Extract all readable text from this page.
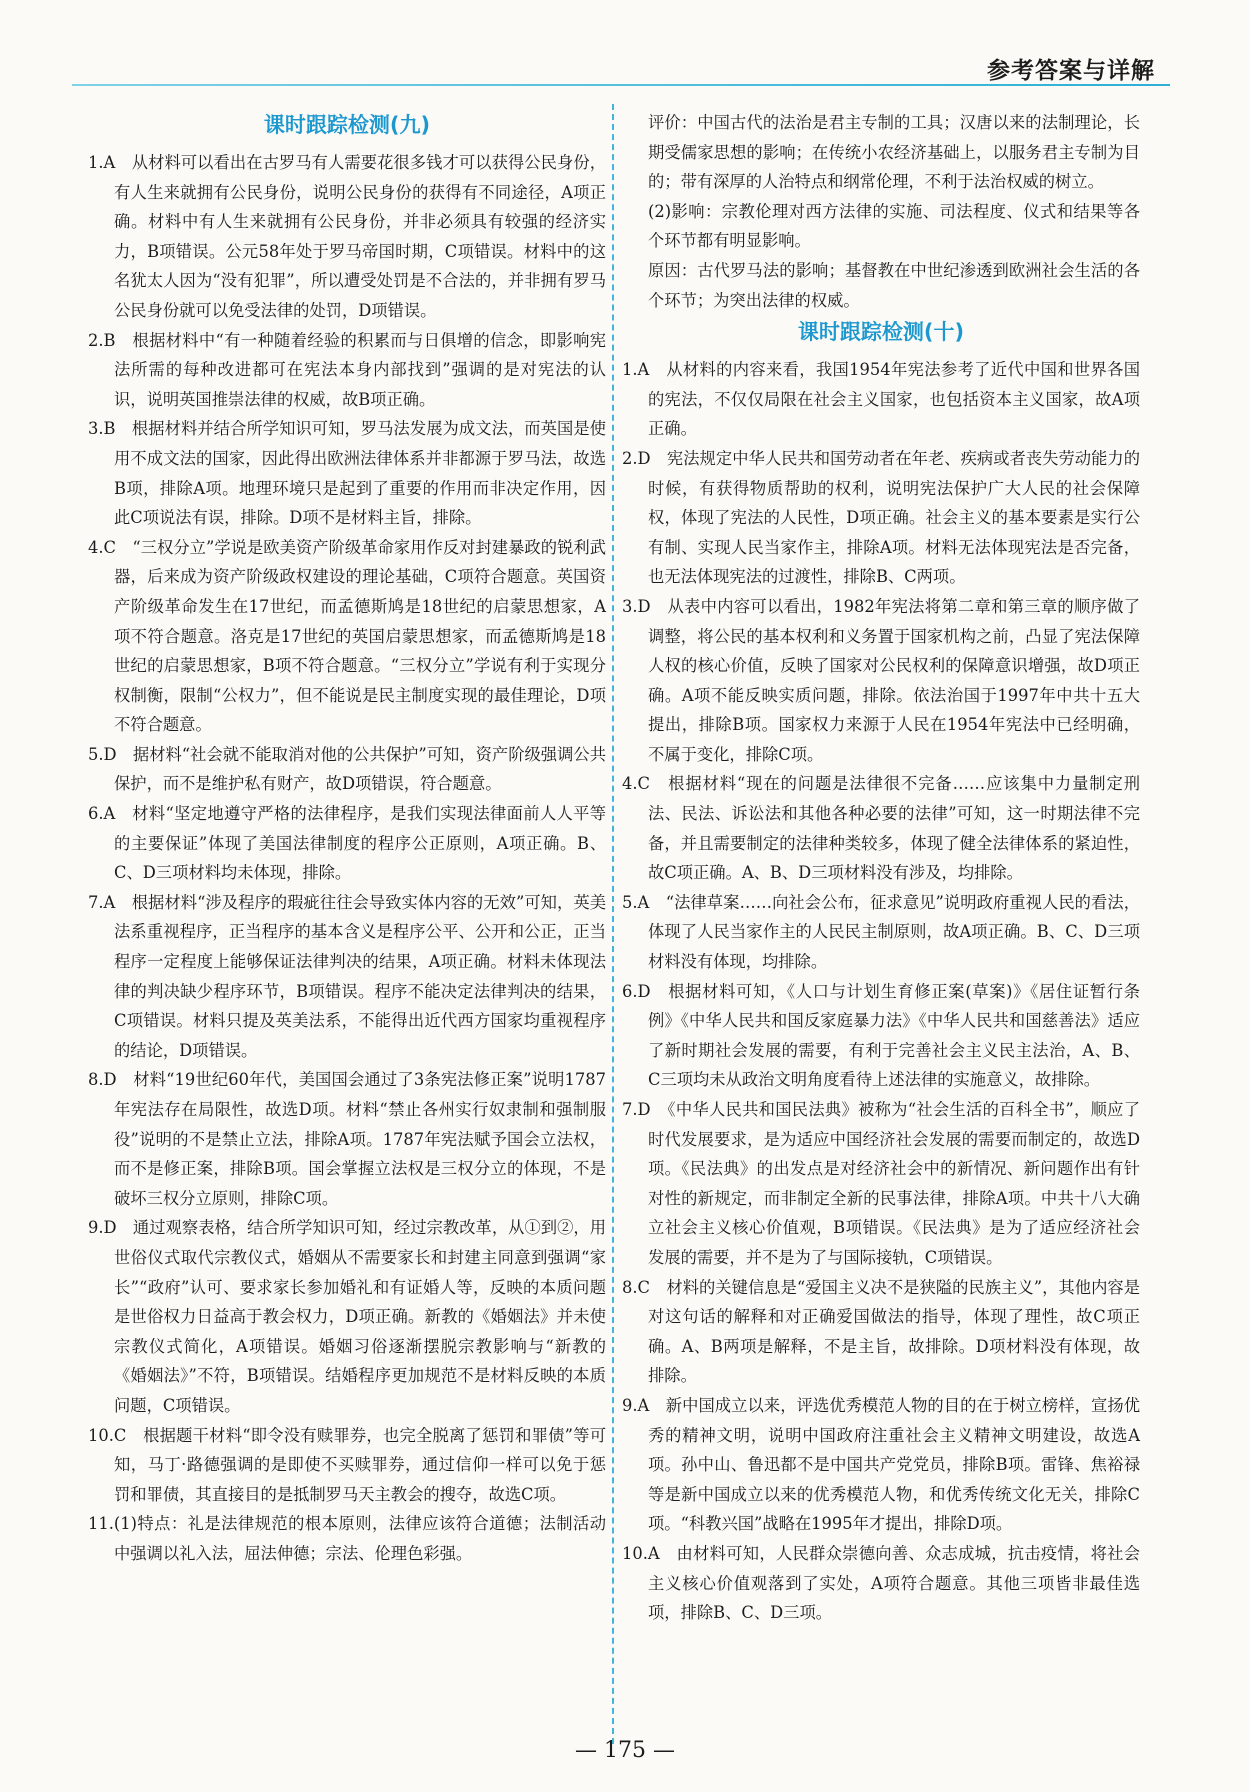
参考答案与详解
课时跟踪检测(九)

1.A　从材料可以看出在古罗马有人需要花很多钱才可以获得公民身份，有人生来就拥有公民身份，说明公民身份的获得有不同途径，A项正确。材料中有人生来就拥有公民身份，并非必须具有较强的经济实力，B项错误。公元58年处于罗马帝国时期，C项错误。材料中的这名犹太人因为“没有犯罪”，所以遭受处罚是不合法的，并非拥有罗马公民身份就可以免受法律的处罚，D项错误。

2.B　根据材料中“有一种随着经验的积累而与日俱增的信念，即影响宪法所需的每种改进都可在宪法本身内部找到”强调的是对宪法的认识，说明英国推崇法律的权威，故B项正确。

3.B　根据材料并结合所学知识可知，罗马法发展为成文法，而英国是使用不成文法的国家，因此得出欧洲法律体系并非都源于罗马法，故选B项，排除A项。地理环境只是起到了重要的作用而非决定作用，因此C项说法有误，排除。D项不是材料主旨，排除。

4.C　“三权分立”学说是欧美资产阶级革命家用作反对封建暴政的锐利武器，后来成为资产阶级政权建设的理论基础，C项符合题意。英国资产阶级革命发生在17世纪，而孟德斯鸠是18世纪的启蒙思想家，A项不符合题意。洛克是17世纪的英国启蒙思想家，而孟德斯鸠是18世纪的启蒙思想家，B项不符合题意。“三权分立”学说有利于实现分权制衡，限制“公权力”，但不能说是民主制度实现的最佳理论，D项不符合题意。

5.D　据材料“社会就不能取消对他的公共保护”可知，资产阶级强调公共保护，而不是维护私有财产，故D项错误，符合题意。

6.A　材料“坚定地遵守严格的法律程序，是我们实现法律面前人人平等的主要保证”体现了美国法律制度的程序公正原则，A项正确。B、C、D三项材料均未体现，排除。

7.A　根据材料“涉及程序的瑕疵往往会导致实体内容的无效”可知，英美法系重视程序，正当程序的基本含义是程序公平、公开和公正，正当程序一定程度上能够保证法律判决的结果，A项正确。材料未体现法律的判决缺少程序环节，B项错误。程序不能决定法律判决的结果，C项错误。材料只提及英美法系，不能得出近代西方国家均重视程序的结论，D项错误。

8.D　材料“19世纪60年代，美国国会通过了3条宪法修正案”说明1787年宪法存在局限性，故选D项。材料“禁止各州实行奴隶制和强制服役”说明的不是禁止立法，排除A项。1787年宪法赋予国会立法权，而不是修正案，排除B项。国会掌握立法权是三权分立的体现，不是破坏三权分立原则，排除C项。

9.D　通过观察表格，结合所学知识可知，经过宗教改革，从①到②，用世俗仪式取代宗教仪式，婚姻从不需要家长和封建主同意到强调“家长”“政府”认可、要求家长参加婚礼和有证婚人等，反映的本质问题是世俗权力日益高于教会权力，D项正确。新教的《婚姻法》并未使宗教仪式简化，A项错误。婚姻习俗逐渐摆脱宗教影响与“新教的《婚姻法》”不符，B项错误。结婚程序更加规范不是材料反映的本质问题，C项错误。

10.C　根据题干材料“即令没有赎罪券，也完全脱离了惩罚和罪债”等可知，马丁·路德强调的是即使不买赎罪券，通过信仰一样可以免于惩罚和罪债，其直接目的是抵制罗马天主教会的搜夺，故选C项。

11.(1)特点：礼是法律规范的根本原则，法律应该符合道德；法制活动中强调以礼入法，屈法伸德；宗法、伦理色彩强。

评价：中国古代的法治是君主专制的工具；汉唐以来的法制理论，长期受儒家思想的影响；在传统小农经济基础上，以服务君主专制为目的；带有深厚的人治特点和纲常伦理，不利于法治权威的树立。

(2)影响：宗教伦理对西方法律的实施、司法程度、仪式和结果等各个环节都有明显影响。

原因：古代罗马法的影响；基督教在中世纪渗透到欧洲社会生活的各个环节；为突出法律的权威。

课时跟踪检测(十)

1.A　从材料的内容来看，我国1954年宪法参考了近代中国和世界各国的宪法，不仅仅局限在社会主义国家，也包括资本主义国家，故A项正确。

2.D　宪法规定中华人民共和国劳动者在年老、疾病或者丧失劳动能力的时候，有获得物质帮助的权利，说明宪法保护广大人民的社会保障权，体现了宪法的人民性，D项正确。社会主义的基本要素是实行公有制、实现人民当家作主，排除A项。材料无法体现宪法是否完备，也无法体现宪法的过渡性，排除B、C两项。

3.D　从表中内容可以看出，1982年宪法将第二章和第三章的顺序做了调整，将公民的基本权利和义务置于国家机构之前，凸显了宪法保障人权的核心价值，反映了国家对公民权利的保障意识增强，故D项正确。A项不能反映实质问题，排除。依法治国于1997年中共十五大提出，排除B项。国家权力来源于人民在1954年宪法中已经明确，不属于变化，排除C项。

4.C　根据材料“现在的问题是法律很不完备……应该集中力量制定刑法、民法、诉讼法和其他各种必要的法律”可知，这一时期法律不完备，并且需要制定的法律种类较多，体现了健全法律体系的紧迫性，故C项正确。A、B、D三项材料没有涉及，均排除。

5.A　“法律草案……向社会公布，征求意见”说明政府重视人民的看法，体现了人民当家作主的人民民主制原则，故A项正确。B、C、D三项材料没有体现，均排除。

6.D　根据材料可知，《人口与计划生育修正案(草案)》《居住证暂行条例》《中华人民共和国反家庭暴力法》《中华人民共和国慈善法》适应了新时期社会发展的需要，有利于完善社会主义民主法治，A、B、C三项均未从政治文明角度看待上述法律的实施意义，故排除。

7.D　《中华人民共和国民法典》被称为“社会生活的百科全书”，顺应了时代发展要求，是为适应中国经济社会发展的需要而制定的，故选D项。《民法典》的出发点是对经济社会中的新情况、新问题作出有针对性的新规定，而非制定全新的民事法律，排除A项。中共十八大确立社会主义核心价值观，B项错误。《民法典》是为了适应经济社会发展的需要，并不是为了与国际接轨，C项错误。

8.C　材料的关键信息是“爱国主义决不是狭隘的民族主义”，其他内容是对这句话的解释和对正确爱国做法的指导，体现了理性，故C项正确。A、B两项是解释，不是主旨，故排除。D项材料没有体现，故排除。

9.A　新中国成立以来，评选优秀模范人物的目的在于树立榜样，宣扬优秀的精神文明，说明中国政府注重社会主义精神文明建设，故选A项。孙中山、鲁迅都不是中国共产党党员，排除B项。雷锋、焦裕禄等是新中国成立以来的优秀模范人物，和优秀传统文化无关，排除C项。“科教兴国”战略在1995年才提出，排除D项。

10.A　由材料可知，人民群众崇德向善、众志成城，抗击疫情，将社会主义核心价值观落到了实处，A项符合题意。其他三项皆非最佳选项，排除B、C、D三项。

— 175 —
